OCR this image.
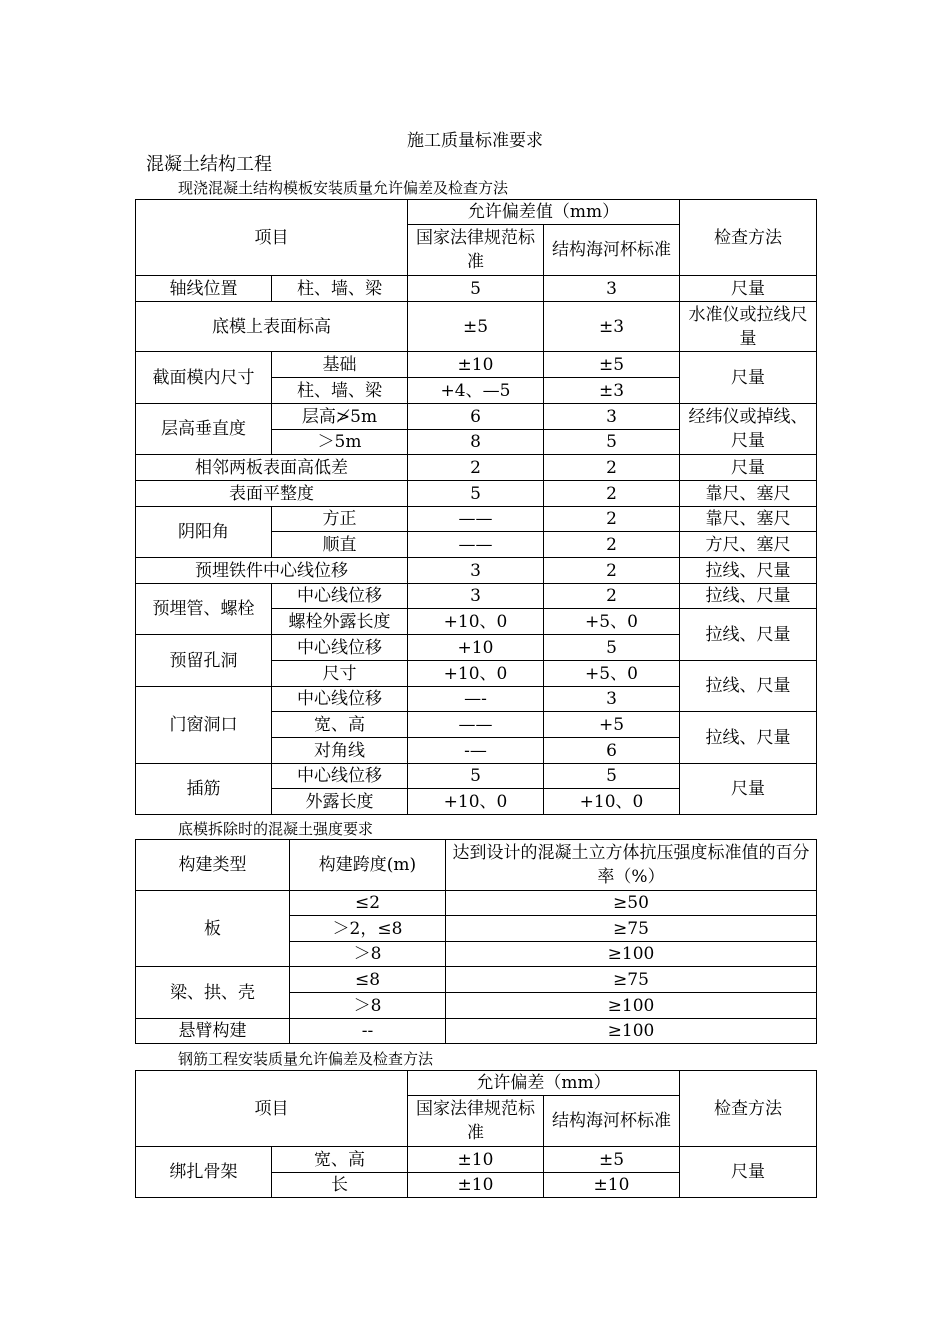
施工质量标准要求
混凝土结构工程
现浇混凝土结构模板安装质量允许偏差及检查方法
项目		允许偏差值（mm）		检查方法
		国家法律规范标准	结构海河杯标准	
轴线位置	柱、墙、梁	5	3	尺量
底模上表面标高		±5	±3	水准仪或拉线尺量
截面模内尺寸	基础	±10	±5	尺量
	柱、墙、梁	+4、—5	±3	
层高垂直度	层高≯5m	6	3	经纬仪或掉线、尺量
	＞5m	8	5	
相邻两板表面高低差		2	2	尺量
表面平整度		5	2	靠尺、塞尺
阴阳角	方正	——	2	靠尺、塞尺
	顺直	——	2	方尺、塞尺
预埋铁件中心线位移		3	2	拉线、尺量
预埋管、螺栓	中心线位移	3	2	拉线、尺量
	螺栓外露长度	+10、0	+5、0	拉线、尺量
预留孔洞	中心线位移	+10	5	
	尺寸	+10、0	+5、0	拉线、尺量
门窗洞口	中心线位移	—-	3	
	宽、高	——	+5	拉线、尺量
	对角线	-—	6	
插筋	中心线位移	5	5	尺量
	外露长度	+10、0	+10、0	
底模拆除时的混凝土强度要求
构建类型	构建跨度(m)	达到设计的混凝土立方体抗压强度标准值的百分率（%）
板	≤2	≥50
	＞2，≤8	≥75
	＞8	≥100
梁、拱、壳	≤8	≥75
	＞8	≥100
悬臂构建	--	≥100
钢筋工程安装质量允许偏差及检查方法
项目		允许偏差（mm）		检查方法
		国家法律规范标准	结构海河杯标准	
绑扎骨架	宽、高	±10	±5	尺量
	长	±10	±10	
